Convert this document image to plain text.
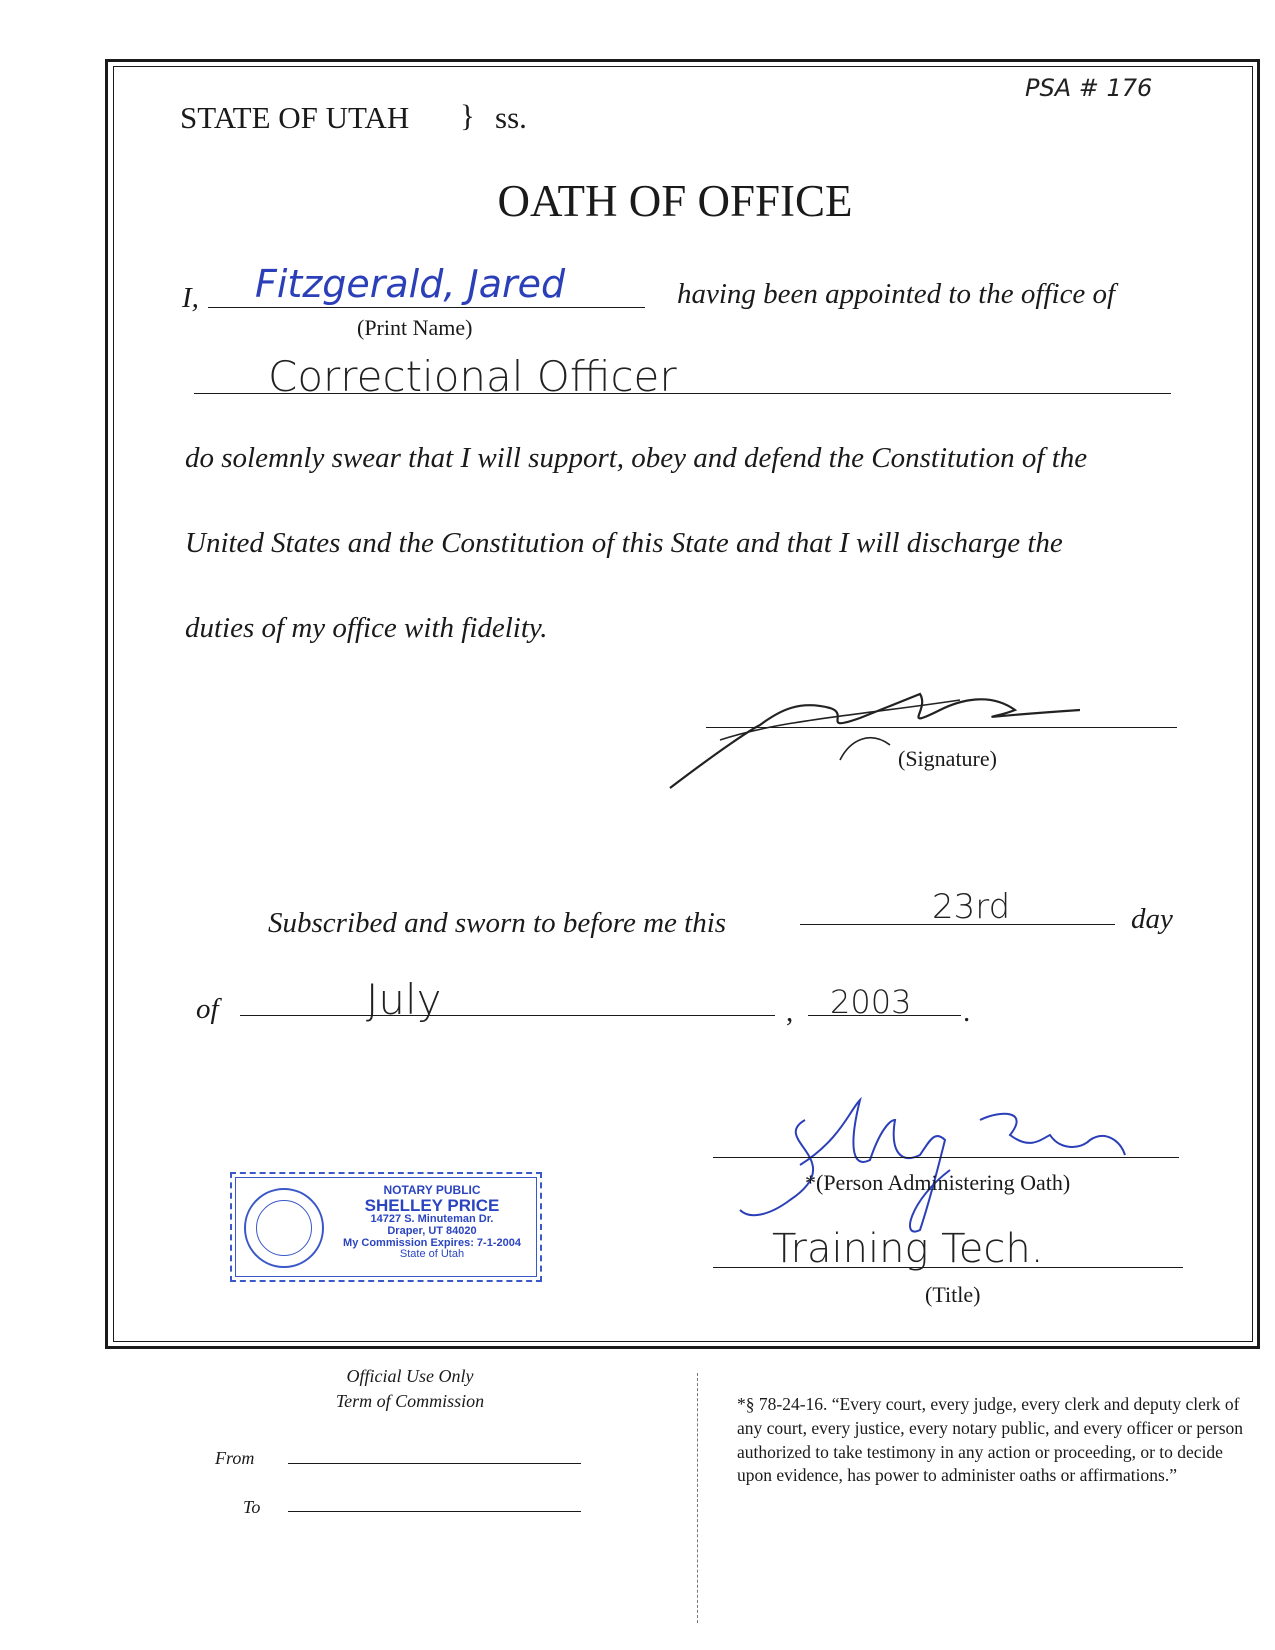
PSA # 176
STATE OF UTAH } ss.
OATH OF OFFICE
I, Fitzgerald, Jared
(Print Name)
having been appointed to the office of
Correctional Officer
do solemnly swear that I will support, obey and defend the Constitution of the
United States and the Constitution of this State and that I will discharge the
duties of my office with fidelity.
(Signature)
Subscribed and sworn to before me this	23rd	day
of	July	, 2003 .
*(Person Administering Oath)
Training Tech.
(Title)
NOTARY PUBLIC
SHELLEY PRICE
14727 S. Minuteman Dr.
Draper, UT 84020
My Commission Expires: 7-1-2004
State of Utah
Official Use Only
Term of Commission
From
To
*§ 78-24-16. “Every court, every judge, every clerk and deputy clerk of any court, every justice, every notary public, and every officer or person authorized to take testimony in any action or proceeding, or to decide upon evidence, has power to administer oaths or affirmations.”
